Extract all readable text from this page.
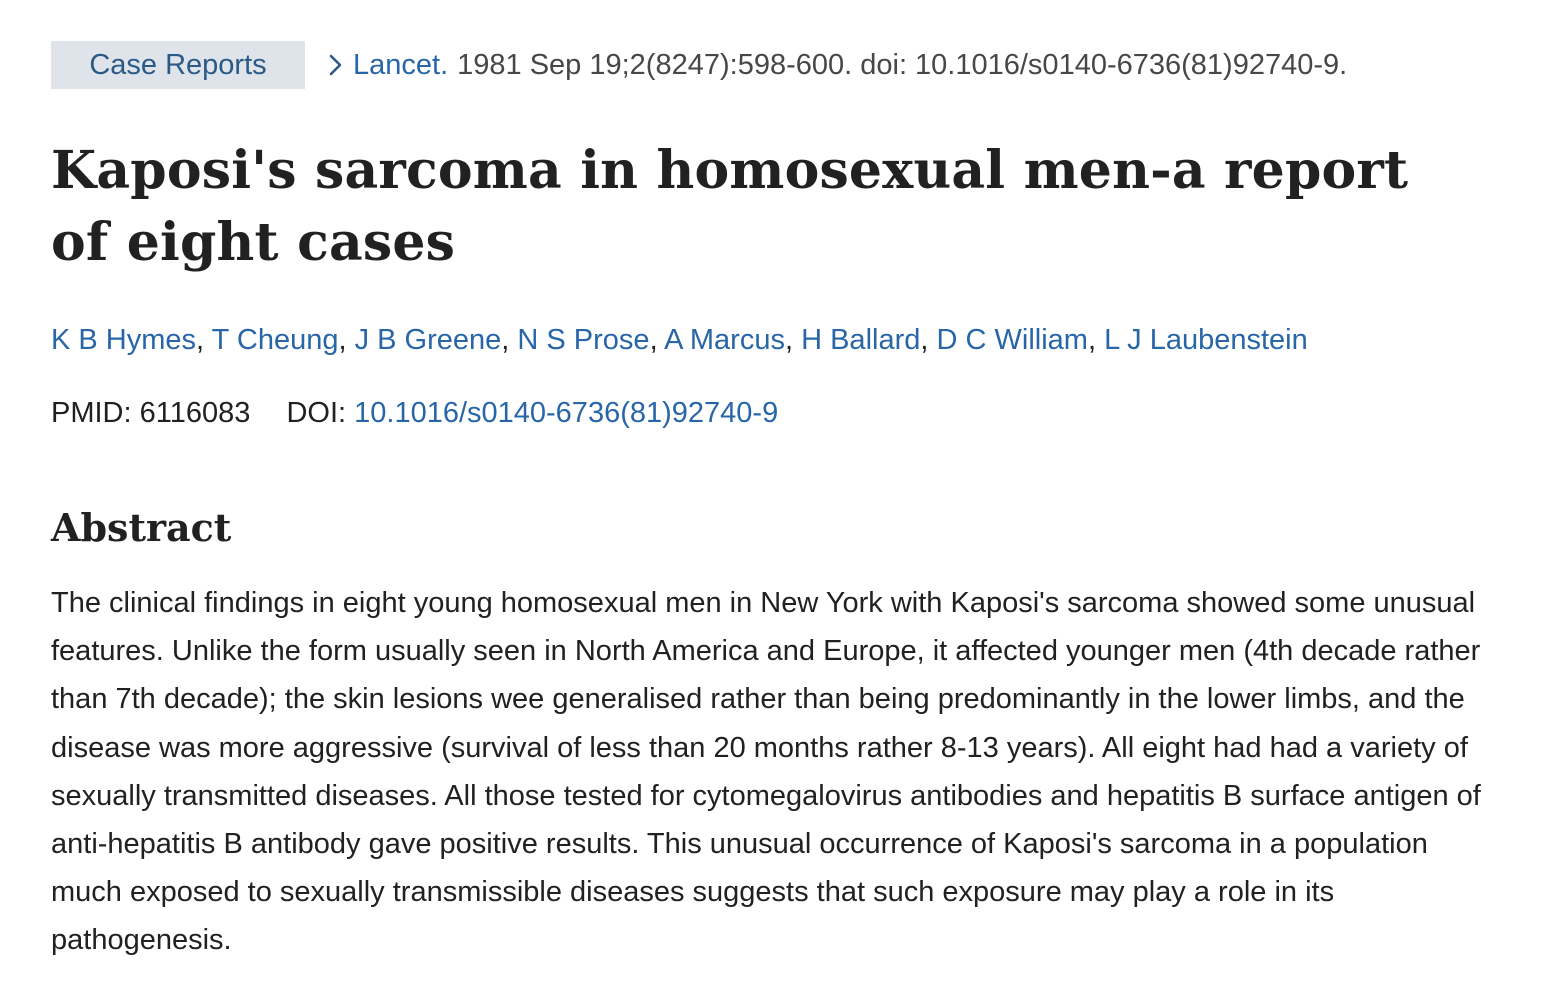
Case Reports	Lancet. 1981 Sep 19;2(8247):598-600. doi: 10.1016/s0140-6736(81)92740-9.
Kaposi's sarcoma in homosexual men-a report of eight cases
K B Hymes, T Cheung, J B Greene, N S Prose, A Marcus, H Ballard, D C William, L J Laubenstein
PMID: 6116083 DOI: 10.1016/s0140-6736(81)92740-9
Abstract

The clinical findings in eight young homosexual men in New York with Kaposi's sarcoma showed some unusual features. Unlike the form usually seen in North America and Europe, it affected younger men (4th decade rather than 7th decade); the skin lesions wee generalised rather than being predominantly in the lower limbs, and the disease was more aggressive (survival of less than 20 months rather 8-13 years). All eight had had a variety of sexually transmitted diseases. All those tested for cytomegalovirus antibodies and hepatitis B surface antigen of anti-hepatitis B antibody gave positive results. This unusual occurrence of Kaposi's sarcoma in a population much exposed to sexually transmissible diseases suggests that such exposure may play a role in its pathogenesis.
